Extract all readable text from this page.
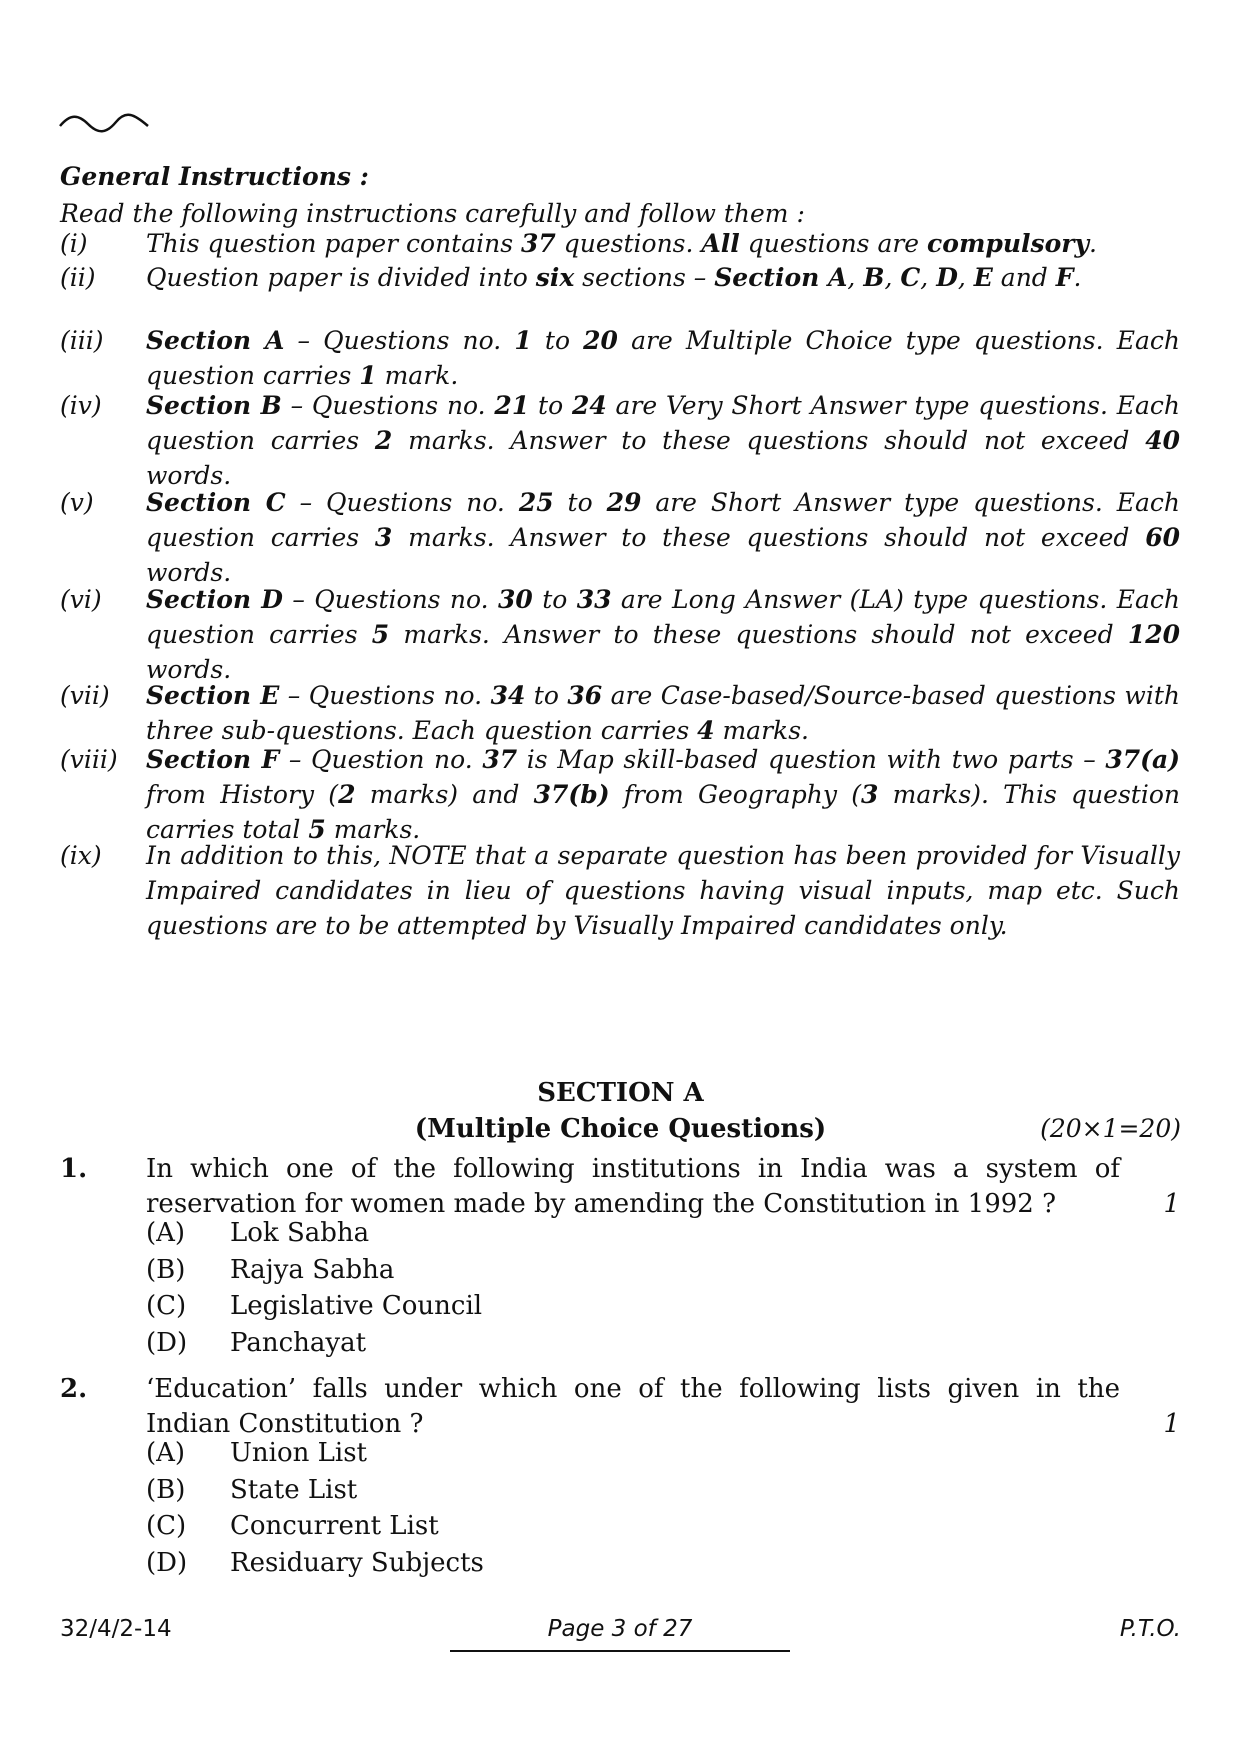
General Instructions :
Read the following instructions carefully and follow them :
(i) This question paper contains 37 questions. All questions are compulsory.
(ii) Question paper is divided into six sections – Section A, B, C, D, E and F.
(iii) Section A – Questions no. 1 to 20 are Multiple Choice type questions. Each question carries 1 mark.
(iv) Section B – Questions no. 21 to 24 are Very Short Answer type questions. Each question carries 2 marks. Answer to these questions should not exceed 40 words.
(v) Section C – Questions no. 25 to 29 are Short Answer type questions. Each question carries 3 marks. Answer to these questions should not exceed 60 words.
(vi) Section D – Questions no. 30 to 33 are Long Answer (LA) type questions. Each question carries 5 marks. Answer to these questions should not exceed 120 words.
(vii) Section E – Questions no. 34 to 36 are Case-based/Source-based questions with three sub-questions. Each question carries 4 marks.
(viii) Section F – Question no. 37 is Map skill-based question with two parts – 37(a) from History (2 marks) and 37(b) from Geography (3 marks). This question carries total 5 marks.
(ix) In addition to this, NOTE that a separate question has been provided for Visually Impaired candidates in lieu of questions having visual inputs, map etc. Such questions are to be attempted by Visually Impaired candidates only.
SECTION A
(Multiple Choice Questions)	(20×1=20)
1. In which one of the following institutions in India was a system of reservation for women made by amending the Constitution in 1992 ?	1
(A) Lok Sabha
(B) Rajya Sabha
(C) Legislative Council
(D) Panchayat
2. ‘Education’ falls under which one of the following lists given in the Indian Constitution ?	1
(A) Union List
(B) State List
(C) Concurrent List
(D) Residuary Subjects
32/4/2-14	Page 3 of 27	P.T.O.
